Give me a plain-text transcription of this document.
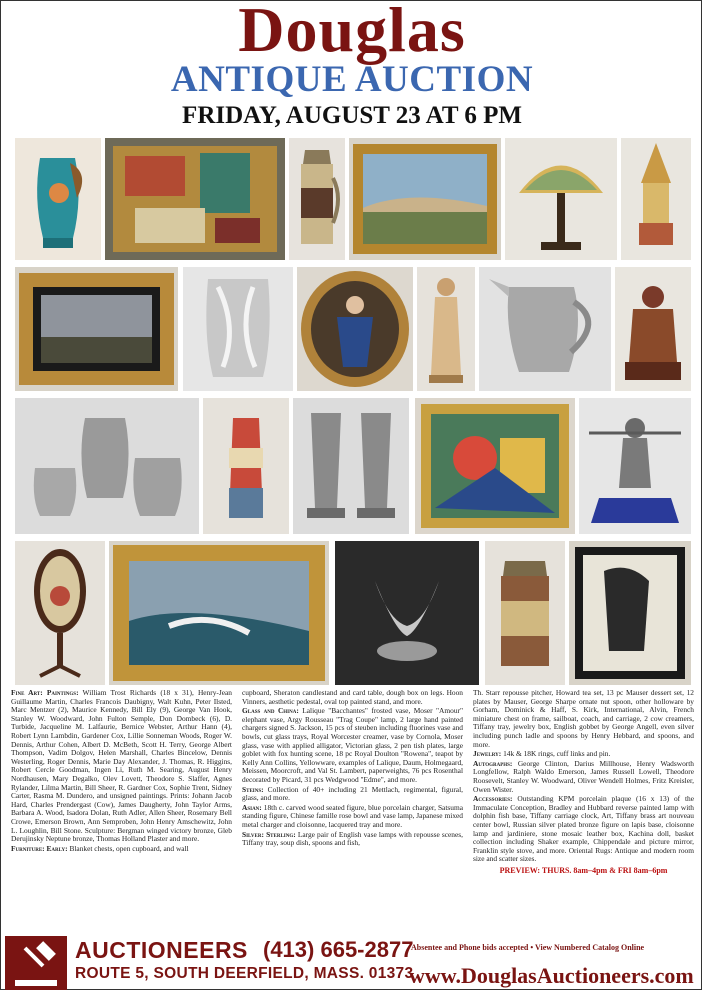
Douglas
ANTIQUE AUCTION
FRIDAY, AUGUST 23 AT 6 PM

Fine Art: Paintings: William Trost Richards (18 x 31), Henry-Jean Guillaume Martin, Charles Francois Daubigny, Walt Kuhn, Peter Ilsted, Marc Mentzer (2), Maurice Kennedy, Bill Ely (9), George Van Hook, Stanley W. Woodward, John Fulton Semple, Don Dombeck (6), D. Turbide, Jacqueline M. Lalfaurie, Bernice Webster, Arthur Hann (4), Robert Lynn Lambdin, Gardener Cox, Lillie Sonneman Woods, Roger W. Dennis, Arthur Cohen, Albert D. McBeth, Scott H. Terry, George Albert Thompson, Vadim Dolgov, Helen Marshall, Charles Bincelow, Dennis Westerling, Roger Dennis, Marie Day Alexander, J. Thomas, R. Higgins, Robert Cercle Goodman, Ingen Li, Ruth M. Searing, August Henry Nordhausen, Mary Degalko, Olev Lovett, Theodore S. Slaffer, Agnes Rylander, Lilma Martin, Bill Sheer, R. Gardner Cox, Sophie Trent, Sidney Carter, Rasma M. Dundero, and unsigned paintings. Prints: Johann Jacob Hard, Charles Prendergast (Cow), James Daugherty, John Taylor Arms, Barbara A. Wood, Isadora Dolan, Ruth Adler, Allen Sheer, Rosemary Bell Crowe, Emerson Brown, Ann Semproben, John Henry Amschewitz, John L. Loughlin, Bill Stone. Sculpture: Bergman winged victory bronze, Gleb Derujinsky Neptune bronze, Thomas Holland Plaster and more.

Furniture: Early: Blanket chests, open cupboard, and wall

cupboard, Sheraton candlestand and card table, dough box on legs. Hoon Vinners, aesthetic pedestal, oval top painted stand, and more.

Glass and China: Lalique "Bacchantes" frosted vase, Moser "Amour" elephant vase, Argy Rousseau "Trag Coupe" lamp, 2 large hand painted chargers signed S. Jackson, 15 pcs of steuben including fluorines vase and bowls, cut glass trays, Royal Worcester creamer, vase by Cornola, Moser glass, vase with applied alligator, Victorian glass, 2 pen tish plates, large goblet with fox hunting scene, 18 pc Royal Doulton "Rowena", teapot by Kelly Ann Collins, Yellowware, examples of Lalique, Daum, Holmegaard, Meissen, Moorcroft, and Val St. Lambert, paperweights, 76 pcs Rosenthal decorated by Picard, 31 pcs Wedgwood "Edme", and more.

Steins: Collection of 40+ including 21 Mettlach, regimental, figural, glass, and more.

Asian: 18th c. carved wood seated figure, blue porcelain charger, Satsuma standing figure, Chinese famille rose bowl and vase lamp, Japanese mixed metal charger and cloisonne, lacquered tray and more.

Silver: Sterling: Large pair of English vase lamps with repousse scenes, Tiffany tray, soup dish, spoons and fish,

Th. Starr repousse pitcher, Howard tea set, 13 pc Mauser dessert set, 12 plates by Mauser, George Sharpe ornate nut spoon, other holloware by Gorham, Dominick & Haff, S. Kirk, International, Alvin, French miniature chest on frame, sailboat, coach, and carriage, 2 cow creamers, Tiffany tray, jewelry box, English gobbet by George Angell, even silver including punch ladle and spoons by Henry Hebbard, and spoons, and more.

Jewelry: 14k & 18K rings, cuff links and pin.

Autographs: George Clinton, Darius Millhouse, Henry Wadsworth Longfellow, Ralph Waldo Emerson, James Russell Lowell, Theodore Roosevelt, Stanley W. Woodward, Oliver Wendell Holmes, Fritz Kreisler, Owen Wister.

Accessories: Outstanding KPM porcelain plaque (16 x 13) of the Immaculate Conception, Bradley and Hubbard reverse painted lamp with dolphin fish base, Tiffany carriage clock, Art, Tiffany brass art nouveau center bowl, Russian silver plated bronze figure on lapis base, cloisonne lamp and jardiniere, stone mosaic leather box, Kachina doll, basket collection including Shaker example, Chippendale and picture mirror, Franklin style stove, and more. Oriental Rugs: Antique and modern room size and scatter sizes.

PREVIEW: THURS. 8am–4pm & FRI 8am–6pm
AUCTIONEERS (413) 665-2877
ROUTE 5, SOUTH DEERFIELD, MASS. 01373
Absentee and Phone bids accepted • View Numbered Catalog Online
www.DouglasAuctioneers.com
